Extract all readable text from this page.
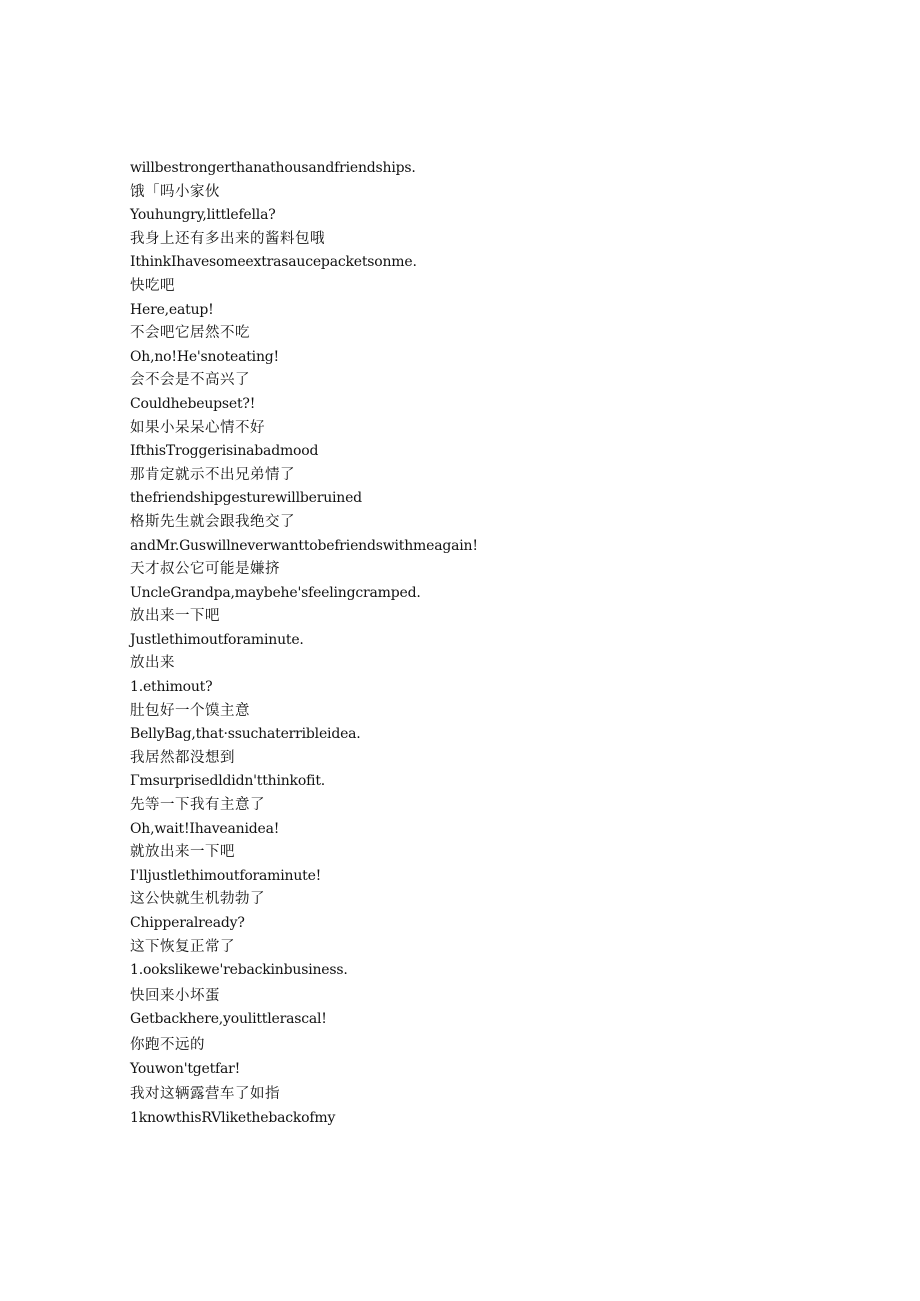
willbestrongerthanathousandfriendships.
饿「吗小家伙
Youhungry,littlefella?
我身上还有多出来的酱料包哦
IthinkIhavesomeextrasaucepacketsonme.
快吃吧
Here,eatup!
不会吧它居然不吃
Oh,no!He'snoteating!
会不会是不高兴了
Couldhebeupset?!
如果小呆呆心情不好
IfthisTroggerisinabadmood
那肯定就示不出兄弟情了
thefriendshipgesturewillberuined
格斯先生就会跟我绝交了
andMr.Guswillneverwanttobefriendswithmeagain!
天才叔公它可能是嫌挤
UncleGrandpa,maybehe'sfeelingcramped.
放出来一下吧
Justlethimoutforaminute.
放出来
1.ethimout?
肚包好一个馍主意
BellyBag,that·ssuchaterribleidea.
我居然都没想到
Γmsurprisedldidn'tthinkofit.
先等一下我有主意了
Oh,wait!Ihaveanidea!
就放出来一下吧
I'lljustlethimoutforaminute!
这公快就生机勃勃了
Chipperalready?
这下恢复正常了
1.ookslikewe'rebackinbusiness.
快回来小坏蛋
Getbackhere,youlittlerascal!
你跑不远的
Youwon'tgetfar!
我对这辆露营车了如指
1knowthisRVlikethebackofmy
